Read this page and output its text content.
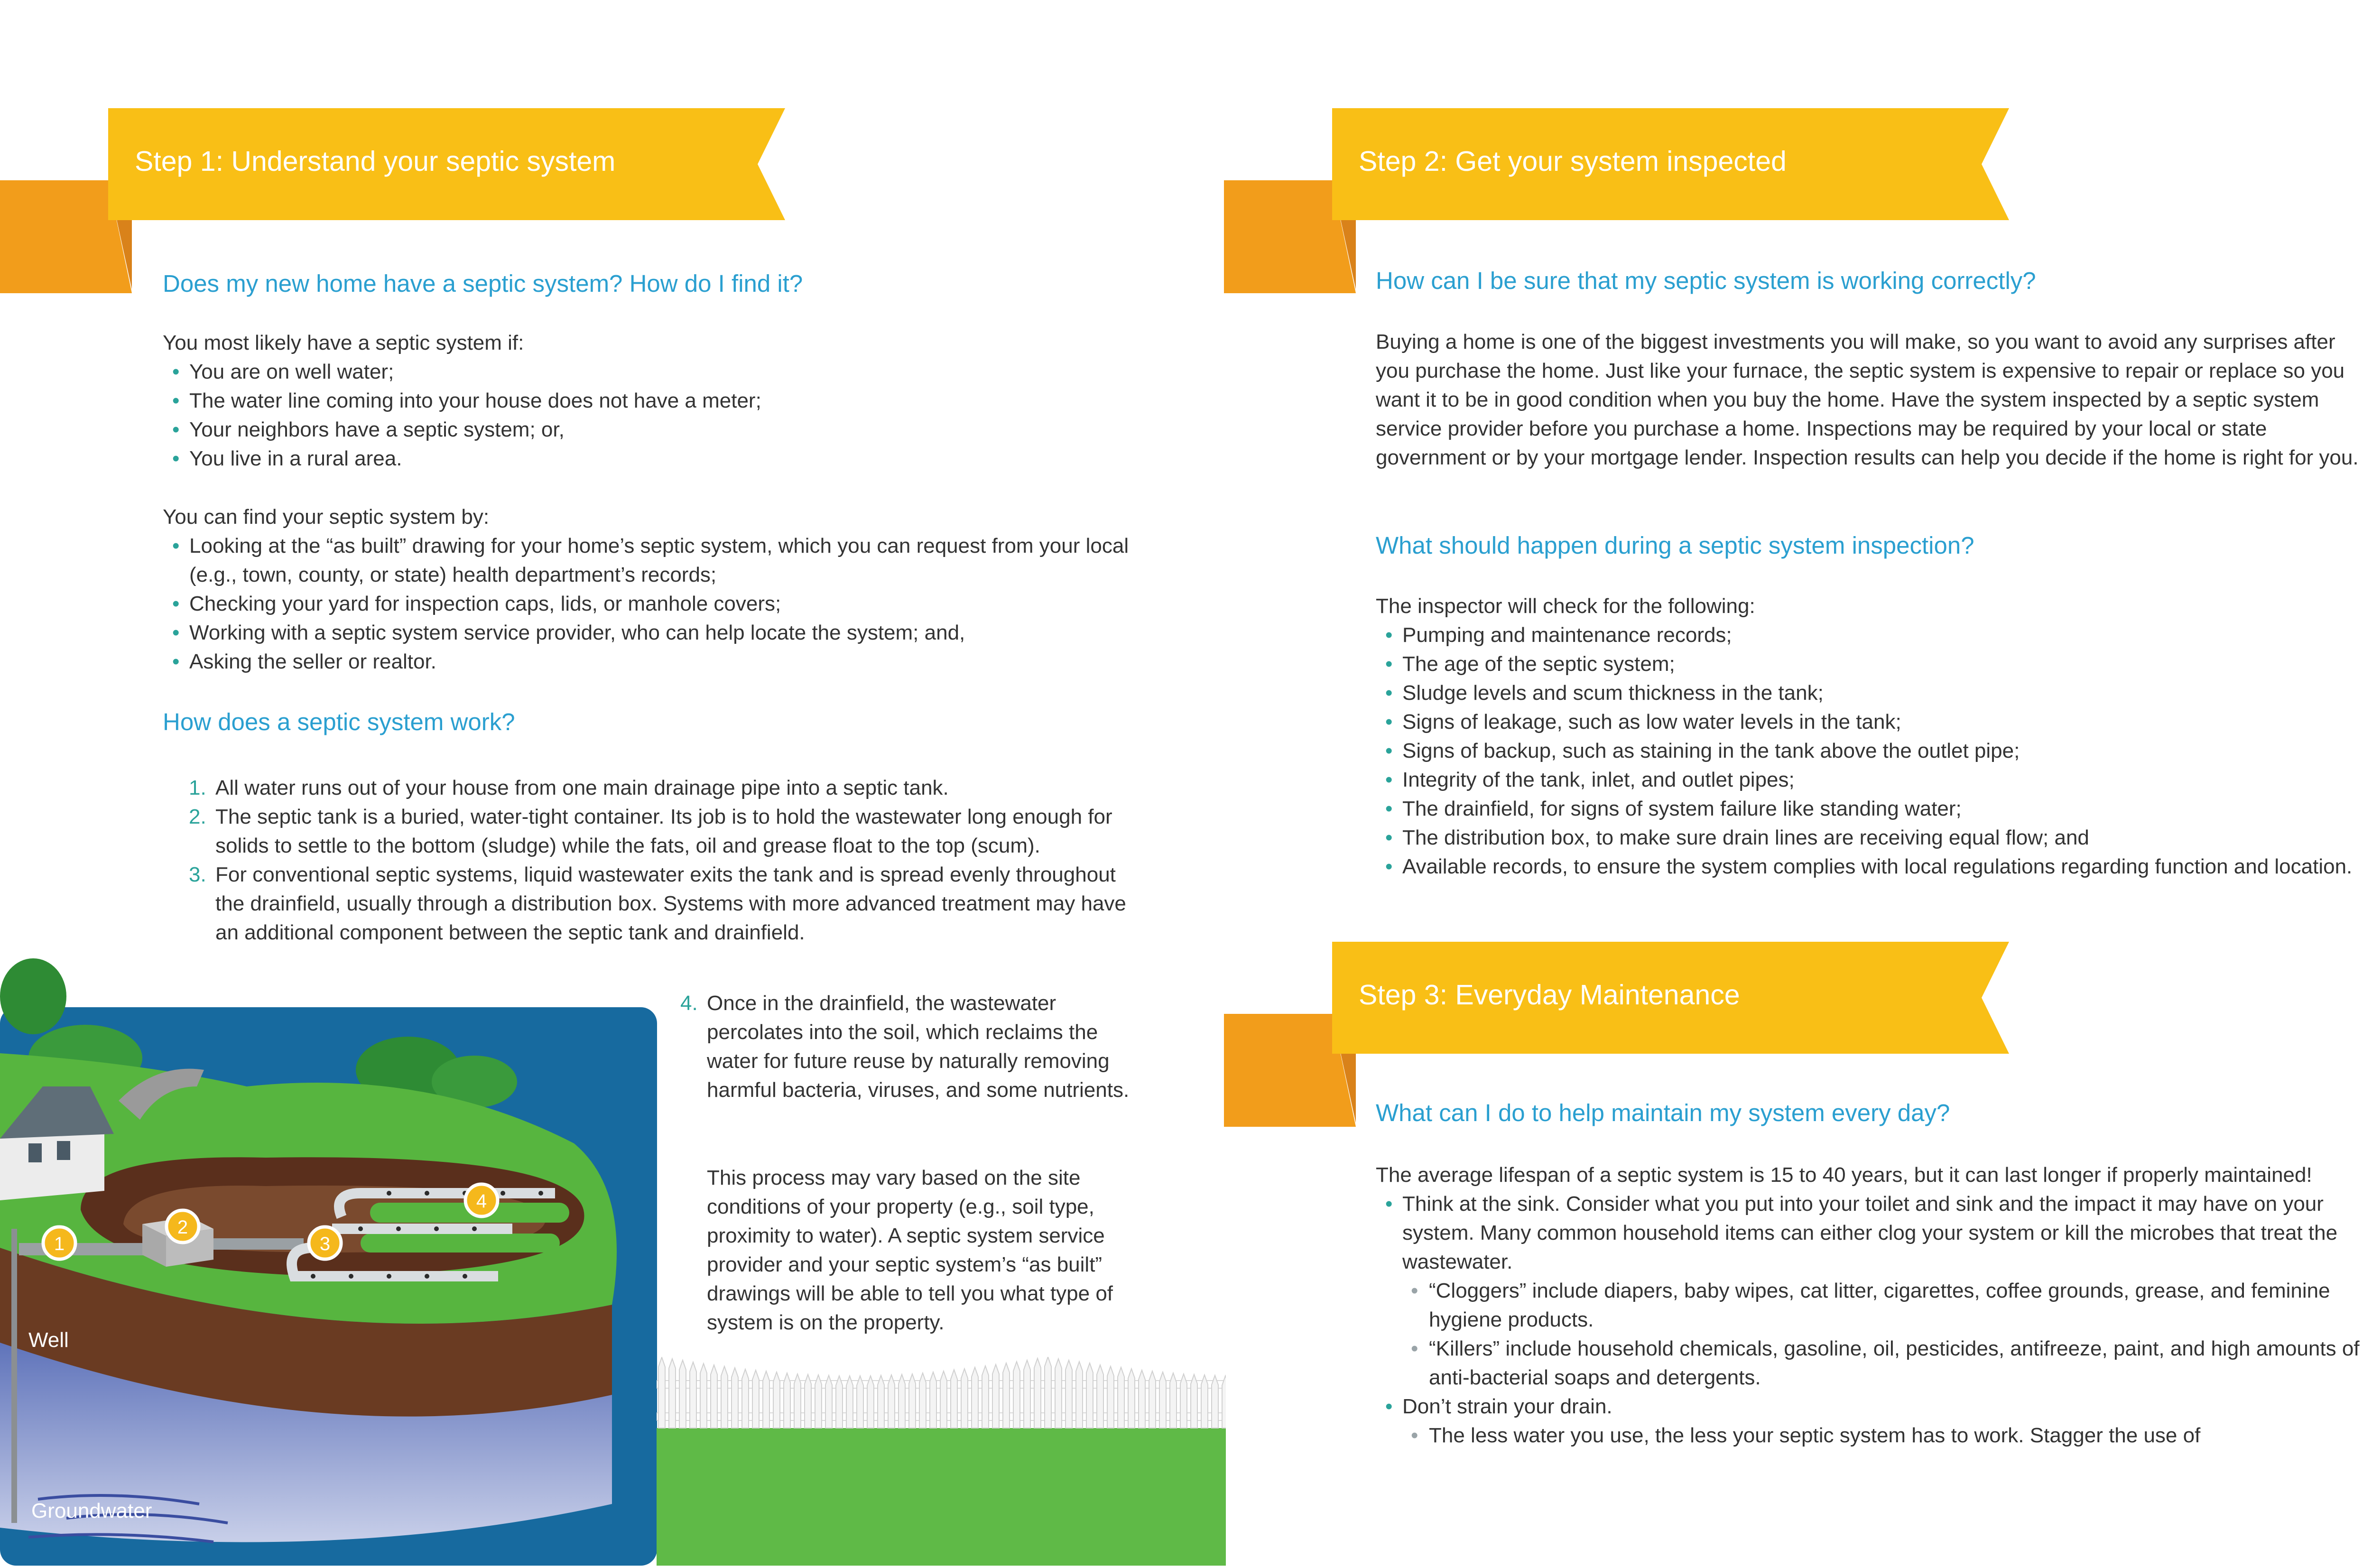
Step 1: Understand your septic system
Does my new home have a septic system? How do I find it?

You most likely have a septic system if:

• You are on well water;
• The water line coming into your house does not have a meter;
• Your neighbors have a septic system; or,
• You live in a rural area.

You can find your septic system by:

• Looking at the “as built” drawing for your home’s septic system, which you can request from your local (e.g., town, county, or state) health department’s records;
• Checking your yard for inspection caps, lids, or manhole covers;
• Working with a septic system service provider, who can help locate the system; and,
• Asking the seller or realtor.
How does a septic system work?
1. All water runs out of your house from one main drainage pipe into a septic tank.
2. The septic tank is a buried, water-tight container. Its job is to hold the wastewater long enough for solids to settle to the bottom (sludge) while the fats, oil and grease float to the top (scum).
3. For conventional septic systems, liquid wastewater exits the tank and is spread evenly throughout the drainfield, usually through a distribution box. Systems with more advanced treatment may have an additional component between the septic tank and drainfield.
1
2
3
4
Well
Groundwater
4. Once in the drainfield, the wastewater percolates into the soil, which reclaims the water for future reuse by naturally removing harmful bacteria, viruses, and some nutrients.
This process may vary based on the site conditions of your property (e.g., soil type, proximity to water). A septic system service provider and your septic system’s “as built” drawings will be able to tell you what type of system is on the property.
Step 2: Get your system inspected
How can I be sure that my septic system is working correctly?
Buying a home is one of the biggest investments you will make, so you want to avoid any surprises after you purchase the home. Just like your furnace, the septic system is expensive to repair or replace so you want it to be in good condition when you buy the home. Have the system inspected by a septic system service provider before you purchase a home. Inspections may be required by your local or state government or by your mortgage lender. Inspection results can help you decide if the home is right for you.
What should happen during a septic system inspection?

The inspector will check for the following:

• Pumping and maintenance records;
• The age of the septic system;
• Sludge levels and scum thickness in the tank;
• Signs of leakage, such as low water levels in the tank;
• Signs of backup, such as staining in the tank above the outlet pipe;
• Integrity of the tank, inlet, and outlet pipes;
• The drainfield, for signs of system failure like standing water;
• The distribution box, to make sure drain lines are receiving equal flow; and
• Available records, to ensure the system complies with local regulations regarding function and location.
Step 3: Everyday Maintenance
What can I do to help maintain my system every day?

The average lifespan of a septic system is 15 to 40 years, but it can last longer if properly maintained!

• Think at the sink. Consider what you put into your toilet and sink and the impact it may have on your system. Many common household items can either clog your system or kill the microbes that treat the wastewater.
• “Cloggers” include diapers, baby wipes, cat litter, cigarettes, coffee grounds, grease, and feminine hygiene products.
• “Killers” include household chemicals, gasoline, oil, pesticides, antifreeze, paint, and high amounts of anti-bacterial soaps and detergents.
• Don’t strain your drain.
• The less water you use, the less your septic system has to work. Stagger the use of
